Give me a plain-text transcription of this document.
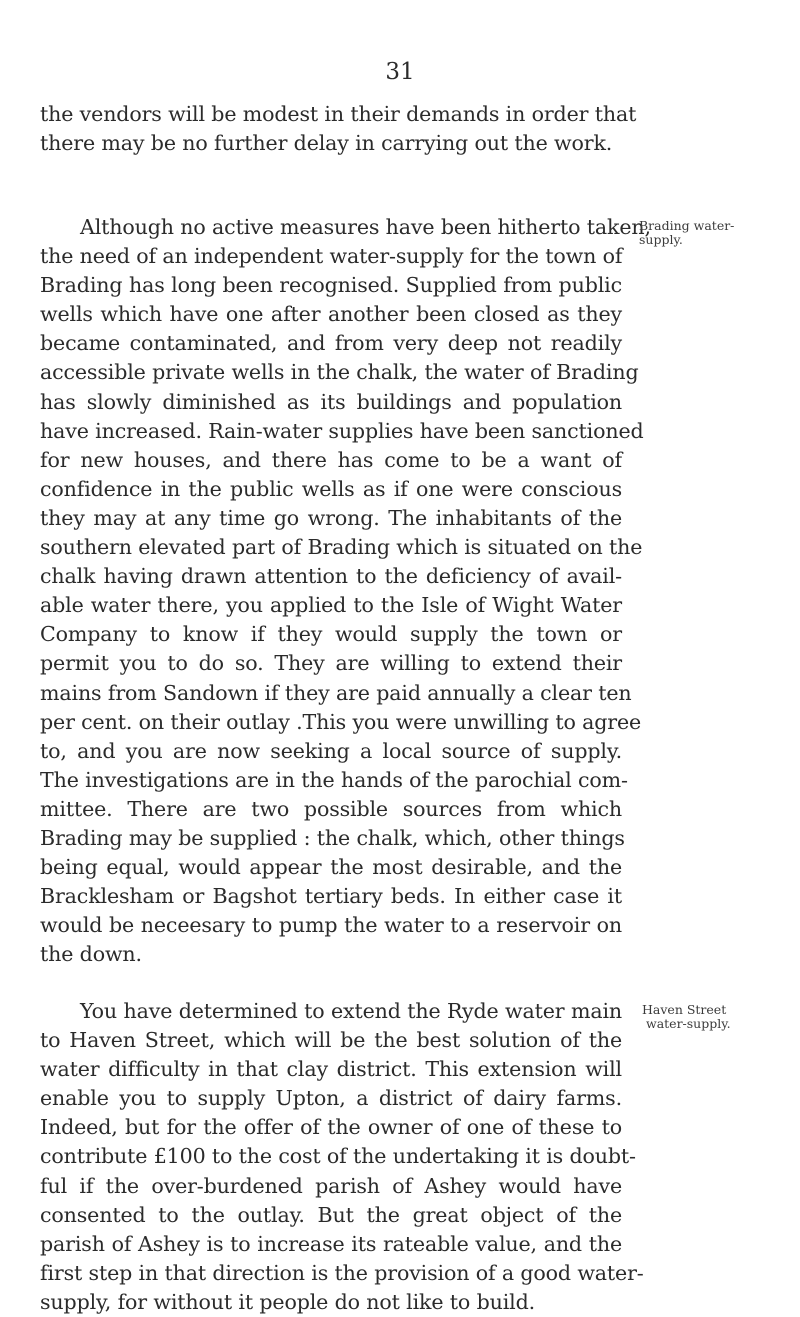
31
the vendors will be modest in their demands in order that
there may be no further delay in carrying out the work.
Although no active measures have been hitherto taken,
the need of an independent water-supply for the town of
Brading has long been recognised. Supplied from public
wells which have one after another been closed as they
became contaminated, and from very deep not readily
accessible private wells in the chalk, the water of Brading
has slowly diminished as its buildings and population
have increased. Rain-water supplies have been sanctioned
for new houses, and there has come to be a want of
confidence in the public wells as if one were conscious
they may at any time go wrong. The inhabitants of the
southern elevated part of Brading which is situated on the
chalk having drawn attention to the deficiency of avail-
able water there, you applied to the Isle of Wight Water
Company to know if they would supply the town or
permit you to do so. They are willing to extend their
mains from Sandown if they are paid annually a clear ten
per cent. on their outlay .This you were unwilling to agree
to, and you are now seeking a local source of supply.
The investigations are in the hands of the parochial com-
mittee. There are two possible sources from which
Brading may be supplied : the chalk, which, other things
being equal, would appear the most desirable, and the
Bracklesham or Bagshot tertiary beds. In either case it
would be neceesary to pump the water to a reservoir on
the down.
Brading water-
supply.
You have determined to extend the Ryde water main
to Haven Street, which will be the best solution of the
water difficulty in that clay district. This extension will
enable you to supply Upton, a district of dairy farms.
Indeed, but for the offer of the owner of one of these to
contribute £100 to the cost of the undertaking it is doubt-
ful if the over-burdened parish of Ashey would have
consented to the outlay. But the great object of the
parish of Ashey is to increase its rateable value, and the
first step in that direction is the provision of a good water-
supply, for without it people do not like to build.
Haven Street
water-supply.
